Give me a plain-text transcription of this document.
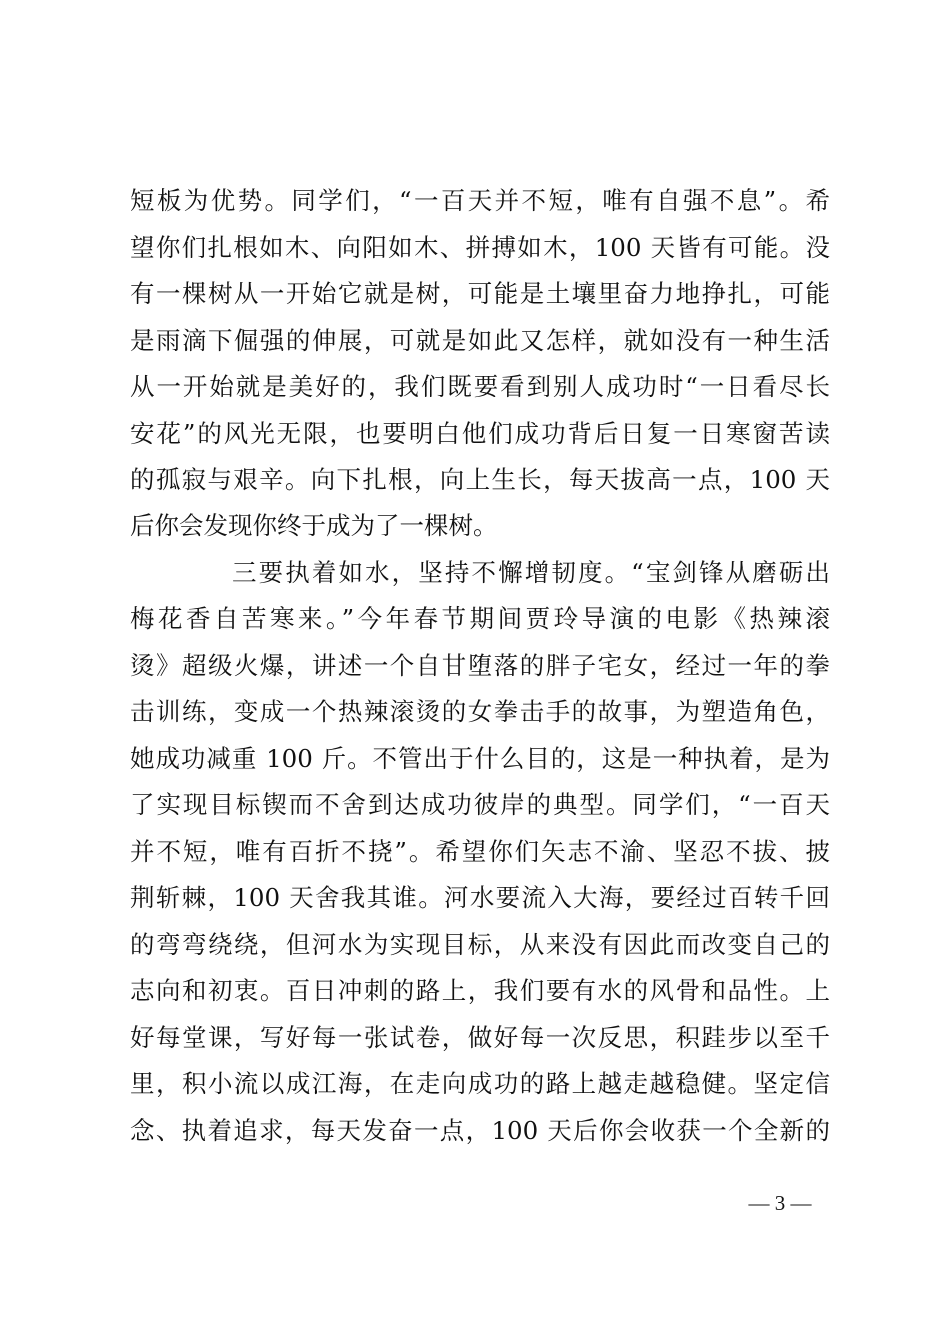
短板为优势。同学们，“一百天并不短，唯有自强不息”。希
望你们扎根如木、向阳如木、拼搏如木，100 天皆有可能。没
有一棵树从一开始它就是树，可能是土壤里奋力地挣扎，可能
是雨滴下倔强的伸展，可就是如此又怎样，就如没有一种生活
从一开始就是美好的，我们既要看到别人成功时“一日看尽长
安花”的风光无限，也要明白他们成功背后日复一日寒窗苦读
的孤寂与艰辛。向下扎根，向上生长，每天拔高一点，100 天
后你会发现你终于成为了一棵树。
三要执着如水，坚持不懈增韧度。“宝剑锋从磨砺出
梅花香自苦寒来。”今年春节期间贾玲导演的电影《热辣滚
烫》超级火爆，讲述一个自甘堕落的胖子宅女，经过一年的拳
击训练，变成一个热辣滚烫的女拳击手的故事，为塑造角色，
她成功减重 100 斤。不管出于什么目的，这是一种执着，是为
了实现目标锲而不舍到达成功彼岸的典型。同学们，“一百天
并不短，唯有百折不挠”。希望你们矢志不渝、坚忍不拔、披
荆斩棘，100 天舍我其谁。河水要流入大海，要经过百转千回
的弯弯绕绕，但河水为实现目标，从来没有因此而改变自己的
志向和初衷。百日冲刺的路上，我们要有水的风骨和品性。上
好每堂课，写好每一张试卷，做好每一次反思，积跬步以至千
里，积小流以成江海，在走向成功的路上越走越稳健。坚定信
念、执着追求，每天发奋一点，100 天后你会收获一个全新的
— 3 —
